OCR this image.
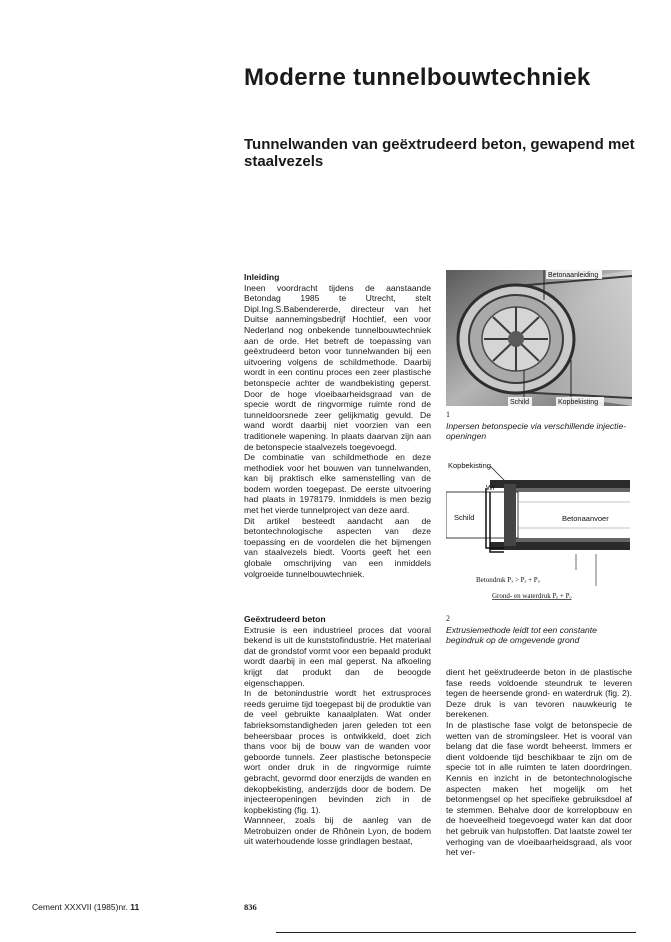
Moderne tunnelbouwtechniek
Tunnelwanden van geëxtrudeerd beton, gewapend met staalvezels

Inleiding

Ineen voordracht tijdens de aanstaande Betondag 1985 te Utrecht, stelt Dipl.Ing.S.Babendererde, directeur van het Duitse aannemingsbedrijf Hochtief, een voor Nederland nog onbekende tunnelbouwtechniek aan de orde. Het betreft de toepassing van geëxtrudeerd beton voor tunnelwanden bij een uitvoering volgens de schildmethode. Daarbij wordt in een continu proces een zeer plastische betonspecie achter de wandbekisting geperst. Door de hoge vloeibaarheidsgraad van de specie wordt de ringvormige ruimte rond de tunneldoorsnede zeer gelijkmatig gevuld. De wand wordt daarbij niet voorzien van een traditionele wapening. In plaats daarvan zijn aan de betonspecie staalvezels toegevoegd.

De combinatie van schildmethode en deze methodiek voor het bouwen van tunnelwanden, kan bij praktisch elke samenstelling van de bodem worden toegepast. De eerste uitvoering had plaats in 1978179. Inmiddels is men bezig met het vierde tunnelproject van deze aard.

Dit artikel besteedt aandacht aan de betontechnologische aspecten van deze toepassing en de voordelen die het bijmengen van staalvezels biedt. Voorts geeft het een globale omschrijving van een inmiddels volgroeide tunnelbouwtechniek.

Geëxtrudeerd beton

Extrusie is een industrieel proces dat vooral bekend is uit de kunststofindustrie. Het materiaal dat de grondstof vormt voor een bepaald produkt wordt daarbij in een mal geperst. Na afkoeling krijgt dat produkt dan de beoogde eigenschappen.

In de betonindustrie wordt het extrusproces reeds geruime tijd toegepast bij de produktie van de veel gebruikte kanaalplaten. Wat onder fabrieksomstandigheden jaren geleden tot een beheersbaar proces is ontwikkeld, doet zich thans voor bij de bouw van de wanden voor geboorde tunnels. Zeer plastische betonspecie wort onder druk in de ringvormige ruimte gebracht, gevormd door enerzijds de wanden en dekopbekisting, anderzijds door de bodem. De injecteeropeningen bevinden zich in de kopbekisting (fig. 1).

Wannneer, zoals bij de aanleg van de Metrobuizen onder de Rhônein Lyon, de bodem uit waterhoudende losse grindlagen bestaat,

Betonaanleiding
Schild	Kopbekisting
1
Inpersen betonspecie via verschillende injectie-openingen
Kopbekisting
Wr
Schild	Betonaanvoer
Betondruk Pₓ > Pₑ + Pₒ
Grond- en waterdruk Pₑ + Pₒ
2
Extrusiemethode leidt tot een constante begindruk op de omgevende grond

dient het geëxtrudeerde beton in de plastische fase reeds voldoende steundruk te leveren tegen de heersende grond- en waterdruk (fig. 2). Deze druk is van tevoren nauwkeurig te berekenen.

In de plastische fase volgt de betonspecie de wetten van de stromingsleer. Het is vooral van belang dat die fase wordt beheerst. Immers er dient voldoende tijd beschikbaar te zijn om de specie tot in alle ruimten te laten doordringen. Kennis en inzicht in de betontechnologische aspecten maken het mogelijk om het betonmengsel op het specifieke gebruiksdoel af te stemmen. Behalve door de korrelopbouw en de hoeveelheid toegevoegd water kan dat door het gebruik van hulpstoffen. Dat laatste zowel ter verhoging van de vloeibaarheidsgraad, als voor het ver-

Cement XXXVII (1985)nr. 11	836
